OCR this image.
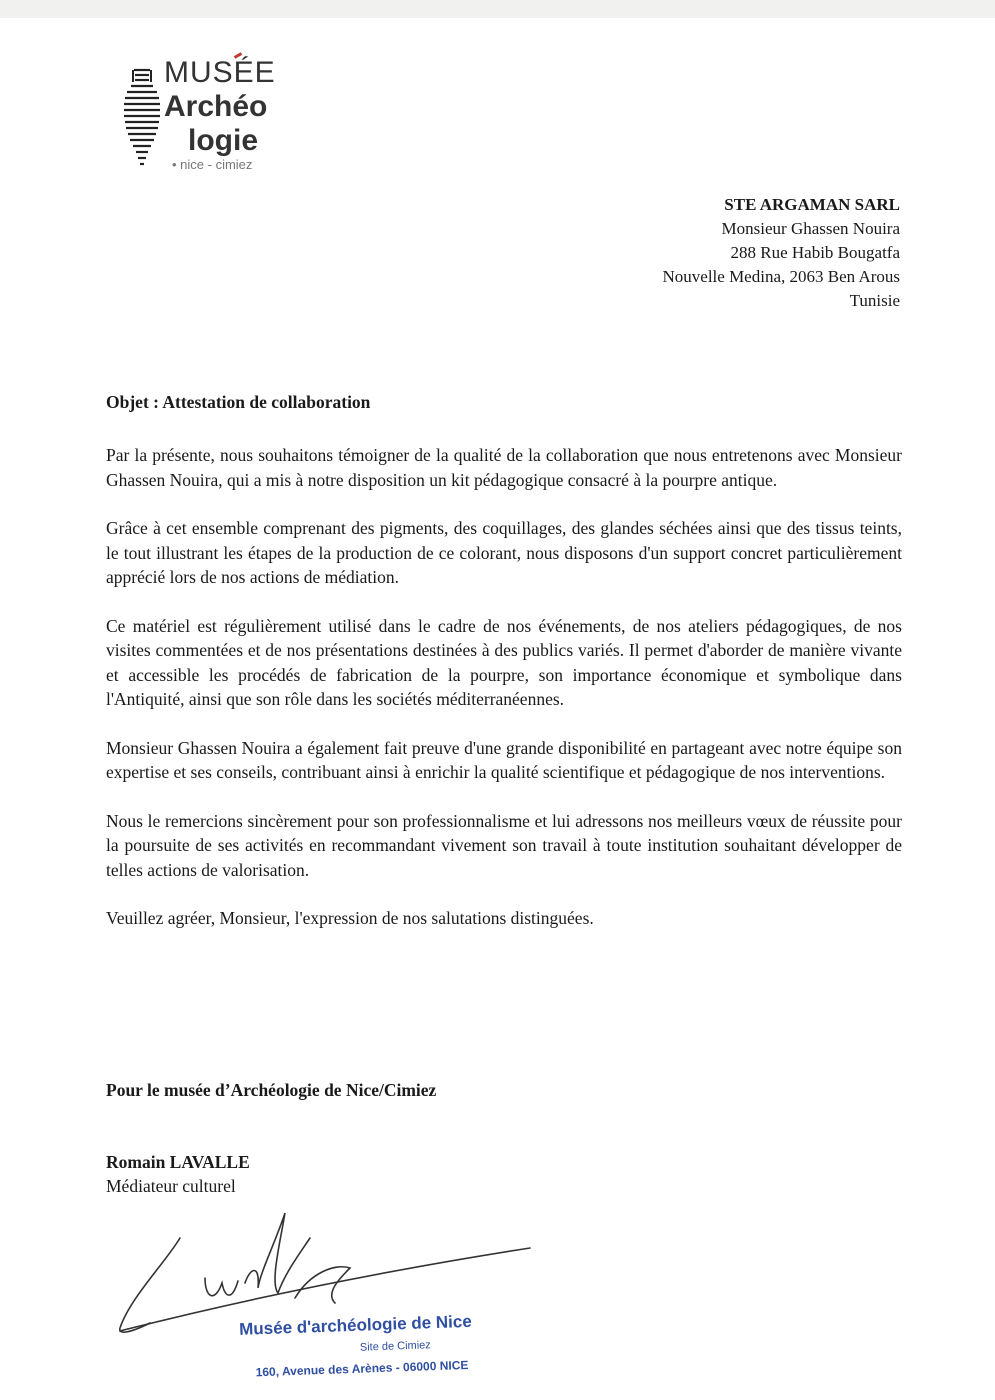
MUSÉE
Archéo
logie
• nice - cimiez
STE ARGAMAN SARL
Monsieur Ghassen Nouira
288 Rue Habib Bougatfa
Nouvelle Medina, 2063 Ben Arous
Tunisie
Objet : Attestation de collaboration

Par la présente, nous souhaitons témoigner de la qualité de la collaboration que nous entretenons avec Monsieur Ghassen Nouira, qui a mis à notre disposition un kit pédagogique consacré à la pourpre antique.

Grâce à cet ensemble comprenant des pigments, des coquillages, des glandes séchées ainsi que des tissus teints, le tout illustrant les étapes de la production de ce colorant, nous disposons d'un support concret particulièrement apprécié lors de nos actions de médiation.

Ce matériel est régulièrement utilisé dans le cadre de nos événements, de nos ateliers pédagogiques, de nos visites commentées et de nos présentations destinées à des publics variés. Il permet d'aborder de manière vivante et accessible les procédés de fabrication de la pourpre, son importance économique et symbolique dans l'Antiquité, ainsi que son rôle dans les sociétés méditerranéennes.

Monsieur Ghassen Nouira a également fait preuve d'une grande disponibilité en partageant avec notre équipe son expertise et ses conseils, contribuant ainsi à enrichir la qualité scientifique et pédagogique de nos interventions.

Nous le remercions sincèrement pour son professionnalisme et lui adressons nos meilleurs vœux de réussite pour la poursuite de ses activités en recommandant vivement son travail à toute institution souhaitant développer de telles actions de valorisation.

Veuillez agréer, Monsieur, l'expression de nos salutations distinguées.

Pour le musée d’Archéologie de Nice/Cimiez
Romain LAVALLE
Médiateur culturel
Musée d'archéologie de Nice
Site de Cimiez
160, Avenue des Arènes - 06000 NICE
